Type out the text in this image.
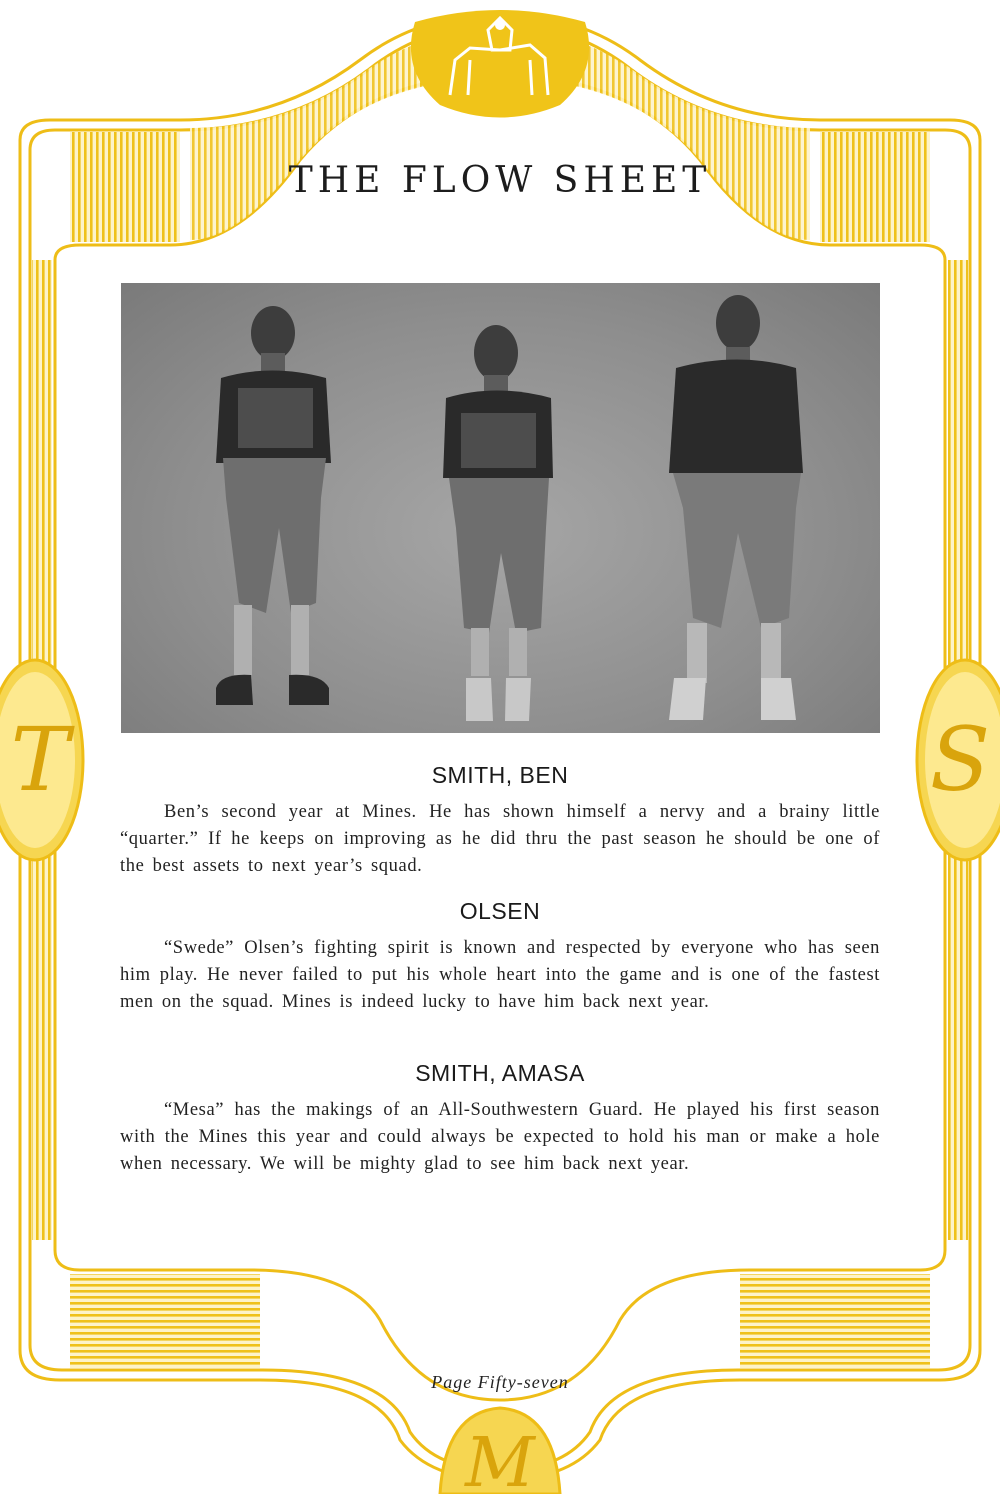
T	S
M
THE FLOW SHEET
SMITH, BEN

Ben’s second year at Mines. He has shown himself a nervy and a brainy little “quarter.” If he keeps on improving as he did thru the past season he should be one of the best assets to next year’s squad.

OLSEN

“Swede” Olsen’s fighting spirit is known and respected by everyone who has seen him play. He never failed to put his whole heart into the game and is one of the fastest men on the squad. Mines is indeed lucky to have him back next year.

SMITH, AMASA

“Mesa” has the makings of an All-Southwestern Guard. He played his first season with the Mines this year and could always be expected to hold his man or make a hole when necessary. We will be mighty glad to see him back next year.

Page Fifty-seven
